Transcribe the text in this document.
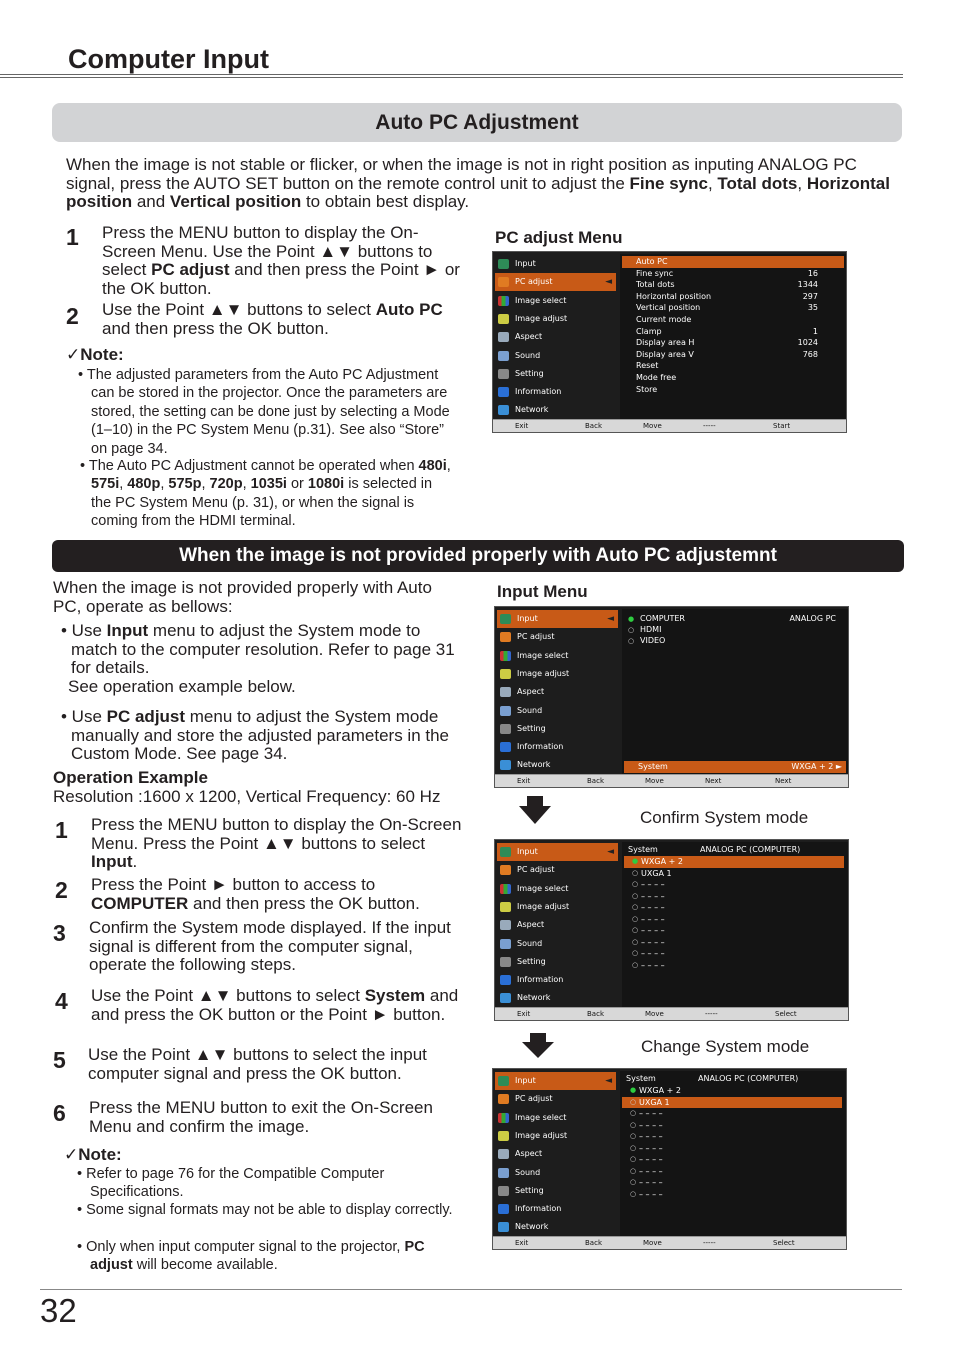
Computer Input
Auto PC Adjustment
When the image is not stable or flicker, or when the image is not in right position as inputing ANALOG PC signal, press the AUTO SET button on the remote control unit to adjust the Fine sync, Total dots, Horizontal position and Vertical position to obtain best display.
1 Press the MENU button to display the On-Screen Menu. Use the Point ▲▼ buttons to select PC adjust and then press the Point ► or the OK button.
2 Use the Point ▲▼ buttons to select Auto PC and then press the OK button.
✓Note:
• The adjusted parameters from the Auto PC Adjustment can be stored in the projector. Once the parameters are stored, the setting can be done just by selecting a Mode (1–10) in the PC System Menu (p.31). See also “Store” on page 34.
• The Auto PC Adjustment cannot be operated when 480i, 575i, 480p, 575p, 720p, 1035i or 1080i is selected in the PC System Menu (p. 31), or when the signal is coming from the HDMI terminal.
PC adjust Menu
Input
PC adjust	◄
Image select
Image adjust
Aspect
Sound
Setting
Information
Network
Auto PC
Fine sync	16
Total dots	1344
Horizontal position	297
Vertical position	35
Current mode
Clamp	1
Display area H	1024
Display area V	768
Reset
Mode free
Store
Exit	Back	Move	-----	Start
When the image is not provided properly with Auto PC adjustemnt
When the image is not provided properly with Auto PC, operate as bellows:
• Use Input menu to adjust the System mode to match to the computer resolution. Refer to page 31 for details.
See operation example below.
• Use PC adjust menu to adjust the System mode manually and store the adjusted parameters in the Custom Mode. See page 34.
Operation Example
Resolution :1600 x 1200, Vertical Frequency: 60 Hz
1 Press the MENU button to display the On-Screen Menu. Press the Point ▲▼ buttons to select Input.
2 Press the Point ► button to access to COMPUTER and then press the OK button.
3 Confirm the System mode displayed. If the input signal is different from the computer signal, operate the following steps.
4 Use the Point ▲▼ buttons to select System and and press the OK button or the Point ► button.
5 Use the Point ▲▼ buttons to select the input computer signal and press the OK button.
6 Press the MENU button to exit the On-Screen Menu and confirm the image.
✓Note:
• Refer to page 76 for the Compatible Computer Specifications.
• Some signal formats may not be able to display correctly.
• Only when input computer signal to the projector, PC adjust will become available.
Input Menu
Input	◄
PC adjust
Image select
Image adjust
Aspect
Sound
Setting
Information
Network
ANALOG PC
● COMPUTER
○ HDMI
○ VIDEO
System	WXGA + 2 ►
Exit	Back	Move	Next	Next
Confirm System mode
Input	◄
PC adjust
Image select
Image adjust
Aspect
Sound
Setting
Information
Network
System	ANALOG PC (COMPUTER)
● WXGA + 2
○ UXGA 1
○ – – – –
○ – – – –
○ – – – –
○ – – – –
○ – – – –
○ – – – –
○ – – – –
○ – – – –
Exit	Back	Move	-----	Select
Change System mode
Input	◄
PC adjust
Image select
Image adjust
Aspect
Sound
Setting
Information
Network
System	ANALOG PC (COMPUTER)
● WXGA + 2
○ UXGA 1
○ – – – –
○ – – – –
○ – – – –
○ – – – –
○ – – – –
○ – – – –
○ – – – –
○ – – – –
Exit	Back	Move	-----	Select
32
